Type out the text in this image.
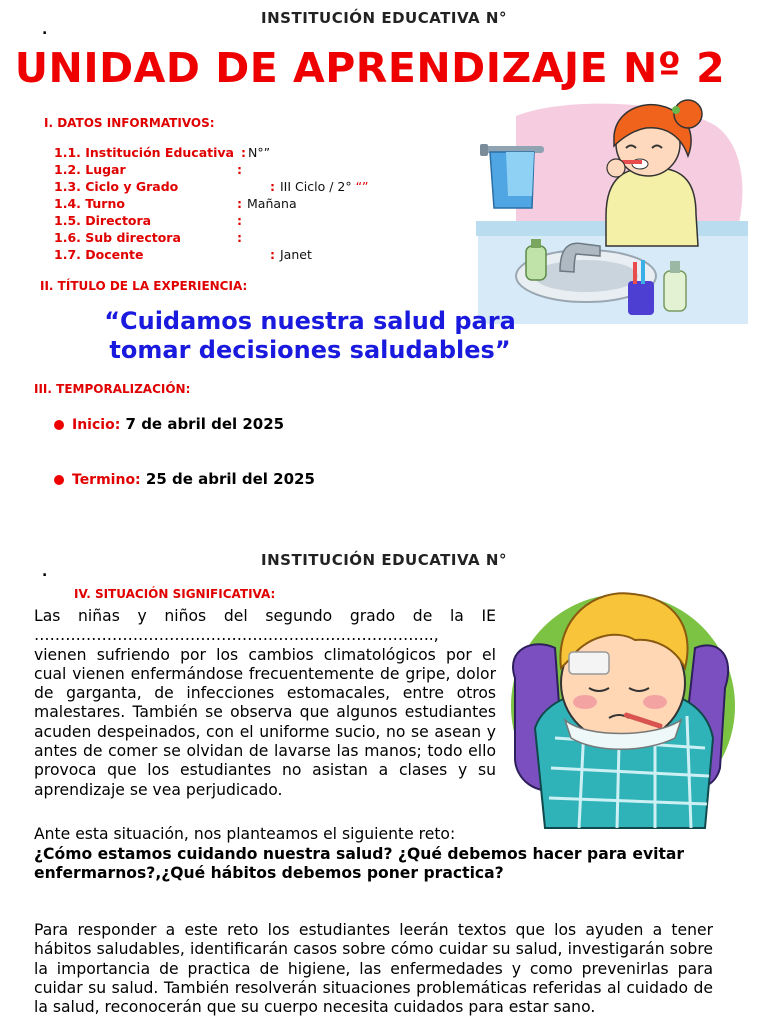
INSTITUCIÓN EDUCATIVA N°
.
UNIDAD DE APRENDIZAJE Nº 2
I. DATOS INFORMATIVOS:
1.1. Institución Educativa : N°”
1.2. Lugar	:
1.3. Ciclo y Grado	: III Ciclo / 2° “”
1.4. Turno	: Mañana
1.5. Directora	:
1.6. Sub directora	:
1.7. Docente	: Janet
II. TÍTULO DE LA EXPERIENCIA:
“Cuidamos nuestra salud para tomar decisiones saludables”
III. TEMPORALIZACIÓN:
Inicio: 7 de abril del 2025
Termino: 25 de abril del 2025
INSTITUCIÓN EDUCATIVA N°
.
IV. SITUACIÓN SIGNIFICATIVA:
Las niñas y niños del segundo grado de la IE ………………………………………………………………….., vienen sufriendo por los cambios climatológicos por el cual vienen enfermándose frecuentemente de gripe, dolor de garganta, de infecciones estomacales, entre otros malestares. También se observa que algunos estudiantes acuden despeinados, con el uniforme sucio, no se asean y antes de comer se olvidan de lavarse las manos; todo ello provoca que los estudiantes no asistan a clases y su aprendizaje se vea perjudicado.
Ante esta situación, nos planteamos el siguiente reto:
¿Cómo estamos cuidando nuestra salud? ¿Qué debemos hacer para evitar enfermarnos?,¿Qué hábitos debemos poner practica?
Para responder a este reto los estudiantes leerán textos que los ayuden a tener hábitos saludables, identificarán casos sobre cómo cuidar su salud, investigarán sobre la importancia de practica de higiene, las enfermedades y como prevenirlas para cuidar su salud. También resolverán situaciones problemáticas referidas al cuidado de la salud, reconocerán que su cuerpo necesita cuidados para estar sano.
